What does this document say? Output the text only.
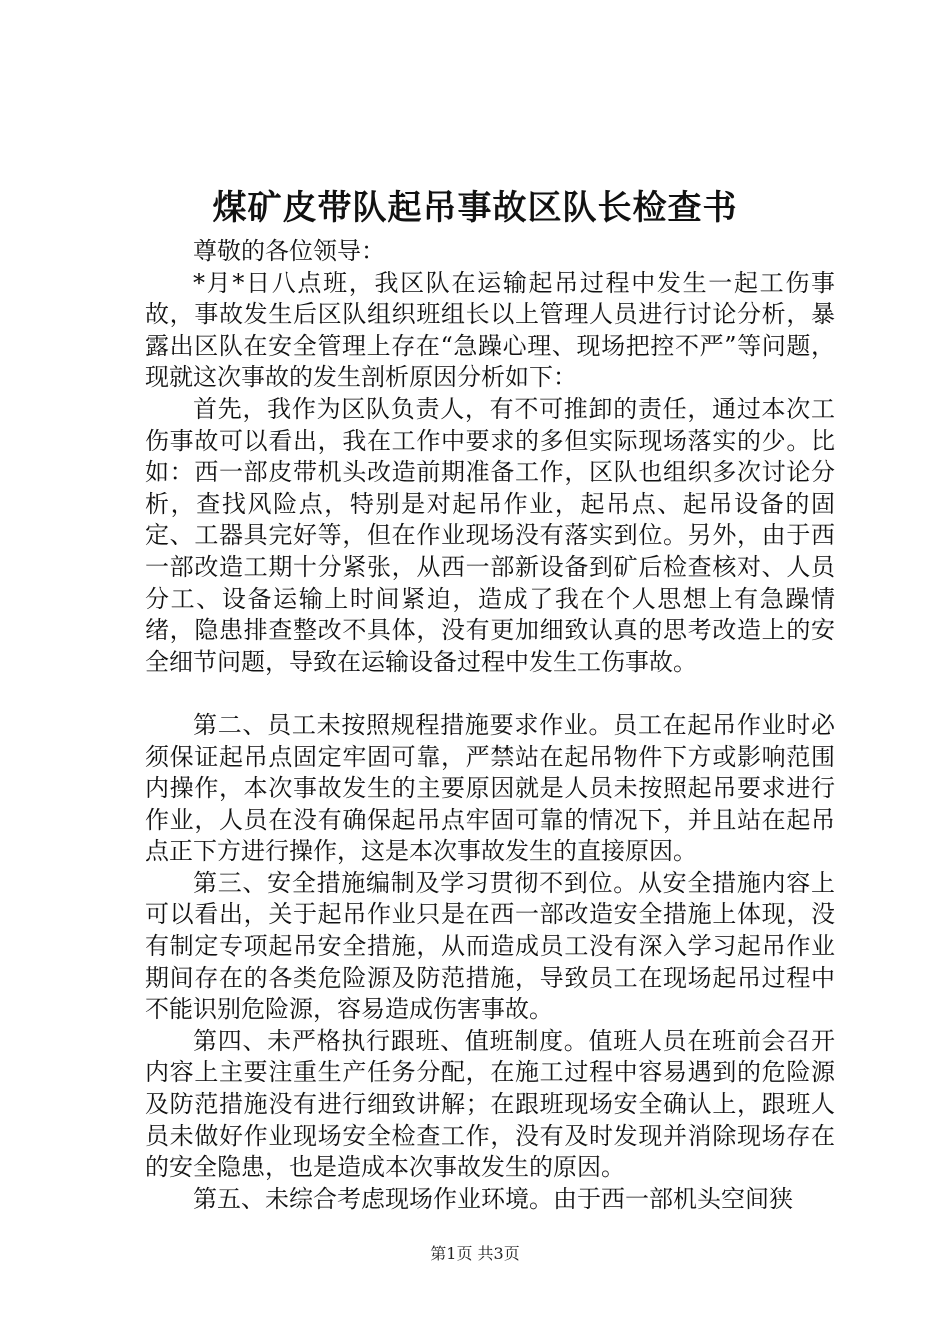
煤矿皮带队起吊事故区队长检查书

尊敬的各位领导：

*月*日八点班，我区队在运输起吊过程中发生一起工伤事故，事故发生后区队组织班组长以上管理人员进行讨论分析，暴露出区队在安全管理上存在“急躁心理、现场把控不严”等问题，现就这次事故的发生剖析原因分析如下：

首先，我作为区队负责人，有不可推卸的责任，通过本次工伤事故可以看出，我在工作中要求的多但实际现场落实的少。比如：西一部皮带机头改造前期准备工作，区队也组织多次讨论分析，查找风险点，特别是对起吊作业，起吊点、起吊设备的固定、工器具完好等，但在作业现场没有落实到位。另外，由于西一部改造工期十分紧张，从西一部新设备到矿后检查核对、人员分工、设备运输上时间紧迫，造成了我在个人思想上有急躁情绪，隐患排查整改不具体，没有更加细致认真的思考改造上的安全细节问题，导致在运输设备过程中发生工伤事故。

第二、员工未按照规程措施要求作业。员工在起吊作业时必须保证起吊点固定牢固可靠，严禁站在起吊物件下方或影响范围内操作，本次事故发生的主要原因就是人员未按照起吊要求进行作业，人员在没有确保起吊点牢固可靠的情况下，并且站在起吊点正下方进行操作，这是本次事故发生的直接原因。

第三、安全措施编制及学习贯彻不到位。从安全措施内容上可以看出，关于起吊作业只是在西一部改造安全措施上体现，没有制定专项起吊安全措施，从而造成员工没有深入学习起吊作业期间存在的各类危险源及防范措施，导致员工在现场起吊过程中不能识别危险源，容易造成伤害事故。

第四、未严格执行跟班、值班制度。值班人员在班前会召开内容上主要注重生产任务分配，在施工过程中容易遇到的危险源及防范措施没有进行细致讲解；在跟班现场安全确认上，跟班人员未做好作业现场安全检查工作，没有及时发现并消除现场存在的安全隐患，也是造成本次事故发生的原因。

第五、未综合考虑现场作业环境。由于西一部机头空间狭

第1页 共3页
